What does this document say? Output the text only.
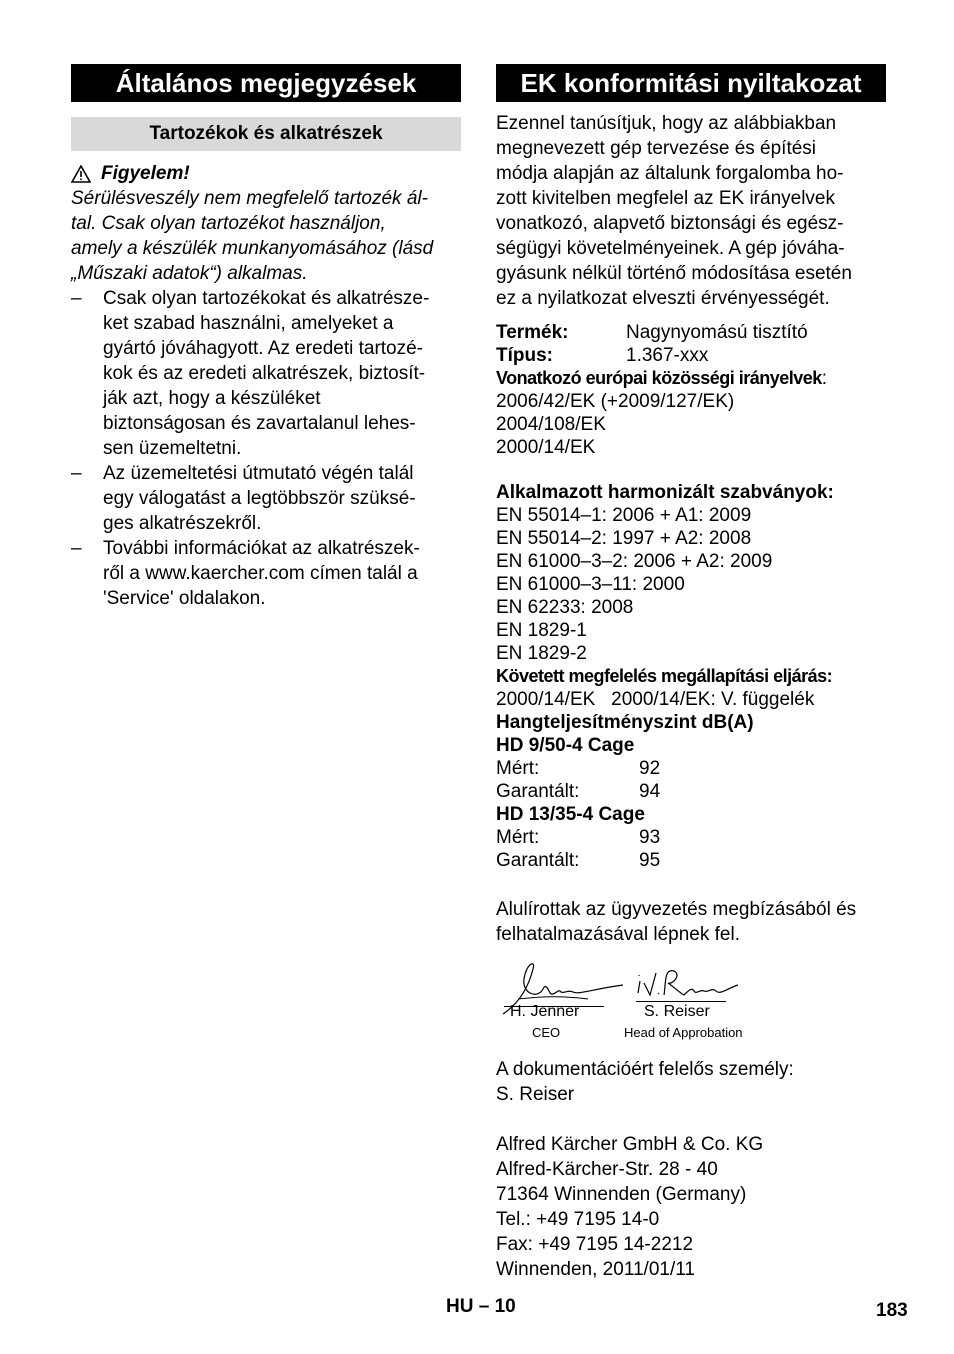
Általános megjegyzések
Tartozékok és alkatrészek
Figyelem!
Sérülésveszély nem megfelelő tartozék ál-
tal. Csak olyan tartozékot használjon,
amely a készülék munkanyomásához (lásd
„Műszaki adatok“) alkalmas.
–	Csak olyan tartozékokat és alkatrésze-
ket szabad használni, amelyeket a
gyártó jóváhagyott. Az eredeti tartozé-
kok és az eredeti alkatrészek, biztosít-
ják azt, hogy a készüléket
biztonságosan és zavartalanul lehes-
sen üzemeltetni.
–	Az üzemeltetési útmutató végén talál
egy válogatást a legtöbbször szüksé-
ges alkatrészekről.
–	További információkat az alkatrészek-
ről a www.kaercher.com címen talál a
'Service' oldalakon.
EK konformitási nyiltakozat
Ezennel tanúsítjuk, hogy az alábbiakban
megnevezett gép tervezése és építési
módja alapján az általunk forgalomba ho-
zott kivitelben megfelel az EK irányelvek
vonatkozó, alapvető biztonsági és egész-
ségügyi követelményeinek. A gép jóváha-
gyásunk nélkül történő módosítása esetén
ez a nyilatkozat elveszti érvényességét.
Termék:	Nagynyomású tisztító
Típus:	1.367-xxx
Vonatkozó európai közösségi irányelvek:
2006/42/EK (+2009/127/EK)
2004/108/EK
2000/14/EK
Alkalmazott harmonizált szabványok:
EN 55014–1: 2006 + A1: 2009
EN 55014–2: 1997 + A2: 2008
EN 61000–3–2: 2006 + A2: 2009
EN 61000–3–11: 2000
EN 62233: 2008
EN 1829-1
EN 1829-2
Követett megfelelés megállapítási eljárás:
2000/14/EK 2000/14/EK: V. függelék
Hangteljesítményszint dB(A)
HD 9/50-4 Cage
Mért:	92
Garantált:	94
HD 13/35-4 Cage
Mért:	93
Garantált:	95
Alulírottak az ügyvezetés megbízásából és
felhatalmazásával lépnek fel.
H. Jenner
CEO
S. Reiser
Head of Approbation
A dokumentációért felelős személy:
S. Reiser
Alfred Kärcher GmbH & Co. KG
Alfred-Kärcher-Str. 28 - 40
71364 Winnenden (Germany)
Tel.: +49 7195 14-0
Fax: +49 7195 14-2212
Winnenden, 2011/01/11
HU – 10	183
